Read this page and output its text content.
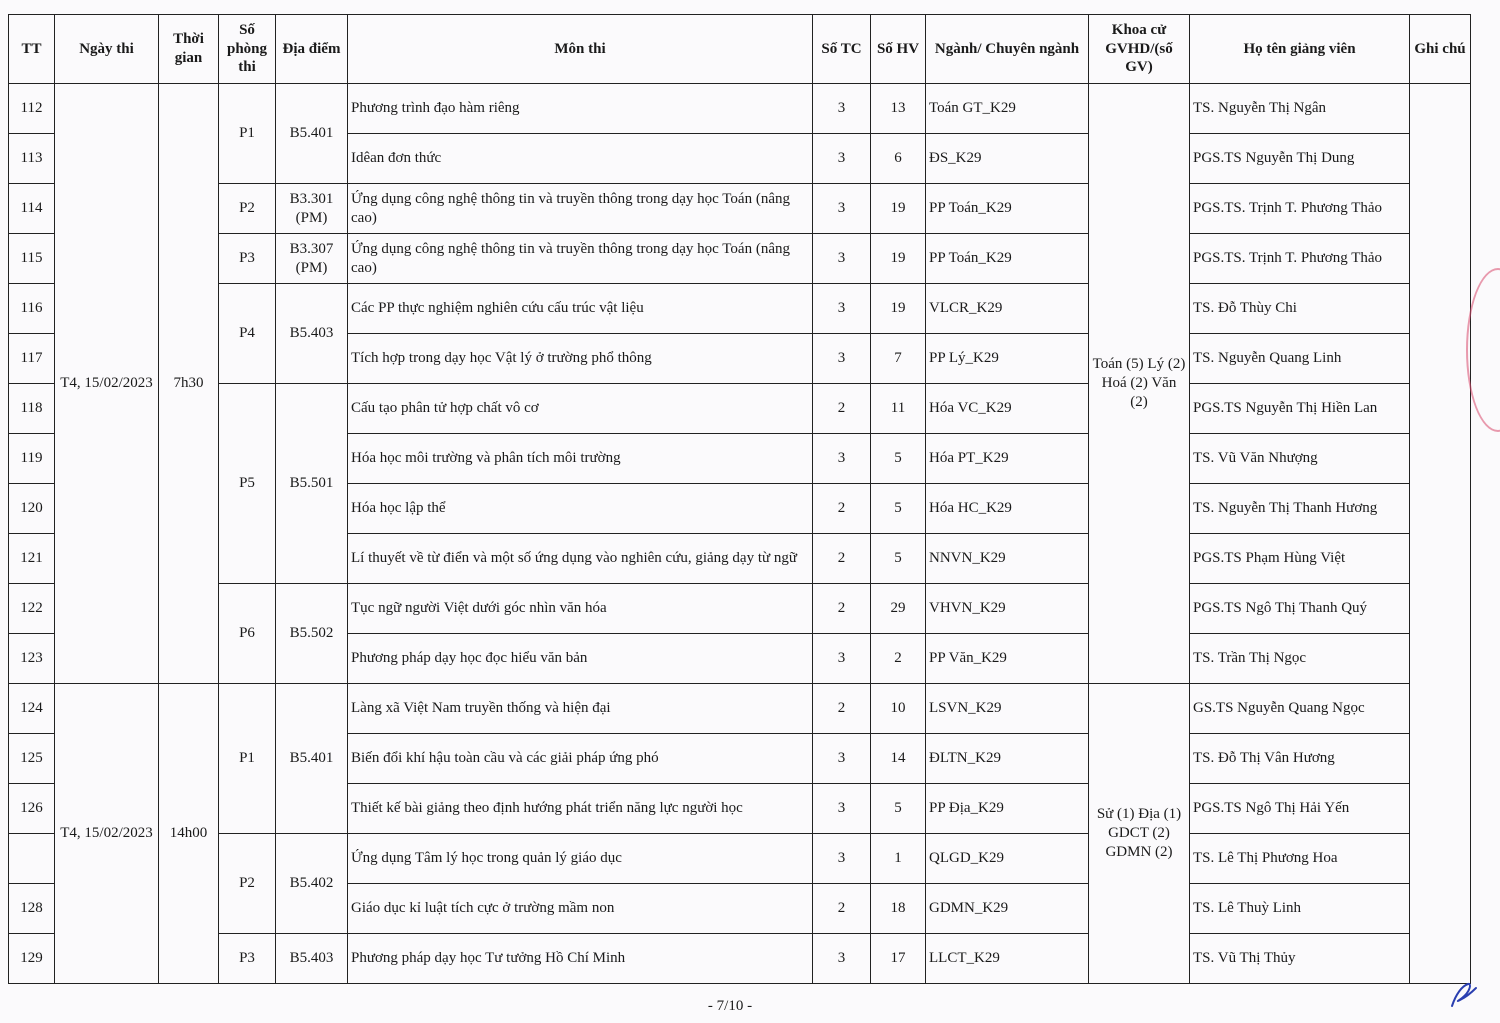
TT	Ngày thi	Thời gian	Số phòng thi	Địa điểm	Môn thi	Số TC	Số HV	Ngành/ Chuyên ngành	Khoa cử GVHD/(số GV)	Họ tên giảng viên	Ghi chú
112	T4, 15/02/2023	7h30	P1	B5.401	Phương trình đạo hàm riêng	3	13	Toán GT_K29	Toán (5) Lý (2) Hoá (2) Văn (2)	TS. Nguyễn Thị Ngân	
113					Idêan đơn thức	3	6	ĐS_K29		PGS.TS Nguyễn Thị Dung	
114			P2	B3.301 (PM)	Ứng dụng công nghệ thông tin và truyền thông trong dạy học Toán (nâng cao)	3	19	PP Toán_K29		PGS.TS. Trịnh T. Phương Thảo	
115			P3	B3.307 (PM)	Ứng dụng công nghệ thông tin và truyền thông trong dạy học Toán (nâng cao)	3	19	PP Toán_K29		PGS.TS. Trịnh T. Phương Thảo	
116			P4	B5.403	Các PP thực nghiệm nghiên cứu cấu trúc vật liệu	3	19	VLCR_K29		TS. Đỗ Thùy Chi	
117					Tích hợp trong dạy học Vật lý ở trường phổ thông	3	7	PP Lý_K29		TS. Nguyễn Quang Linh	
118			P5	B5.501	Cấu tạo phân tử hợp chất vô cơ	2	11	Hóa VC_K29		PGS.TS Nguyễn Thị Hiền Lan	
119					Hóa học môi trường và phân tích môi trường	3	5	Hóa PT_K29		TS. Vũ Văn Nhượng	
120					Hóa học lập thể	2	5	Hóa HC_K29		TS. Nguyễn Thị Thanh Hương	
121					Lí thuyết về từ điển và một số ứng dụng vào nghiên cứu, giảng dạy từ ngữ	2	5	NNVN_K29		PGS.TS Phạm Hùng Việt	
122			P6	B5.502	Tục ngữ người Việt dưới góc nhìn văn hóa	2	29	VHVN_K29		PGS.TS Ngô Thị Thanh Quý	
123					Phương pháp dạy học đọc hiểu văn bản	3	2	PP Văn_K29		TS. Trần Thị Ngọc	
124	T4, 15/02/2023	14h00	P1	B5.401	Làng xã Việt Nam truyền thống và hiện đại	2	10	LSVN_K29	Sử (1) Địa (1) GDCT (2) GDMN (2)	GS.TS Nguyễn Quang Ngọc	
125					Biến đổi khí hậu toàn cầu và các giải pháp ứng phó	3	14	ĐLTN_K29		TS. Đỗ Thị Vân Hương	
126					Thiết kế bài giảng theo định hướng phát triển năng lực người học	3	5	PP Địa_K29		PGS.TS Ngô Thị Hải Yến	
			P2	B5.402	Ứng dụng Tâm lý học trong quản lý giáo dục	3	1	QLGD_K29		TS. Lê Thị Phương Hoa	
128					Giáo dục kỉ luật tích cực ở trường mầm non	2	18	GDMN_K29		TS. Lê Thuỳ Linh	
129			P3	B5.403	Phương pháp dạy học Tư tưởng Hồ Chí Minh	3	17	LLCT_K29		TS. Vũ Thị Thủy	
- 7/10 -
